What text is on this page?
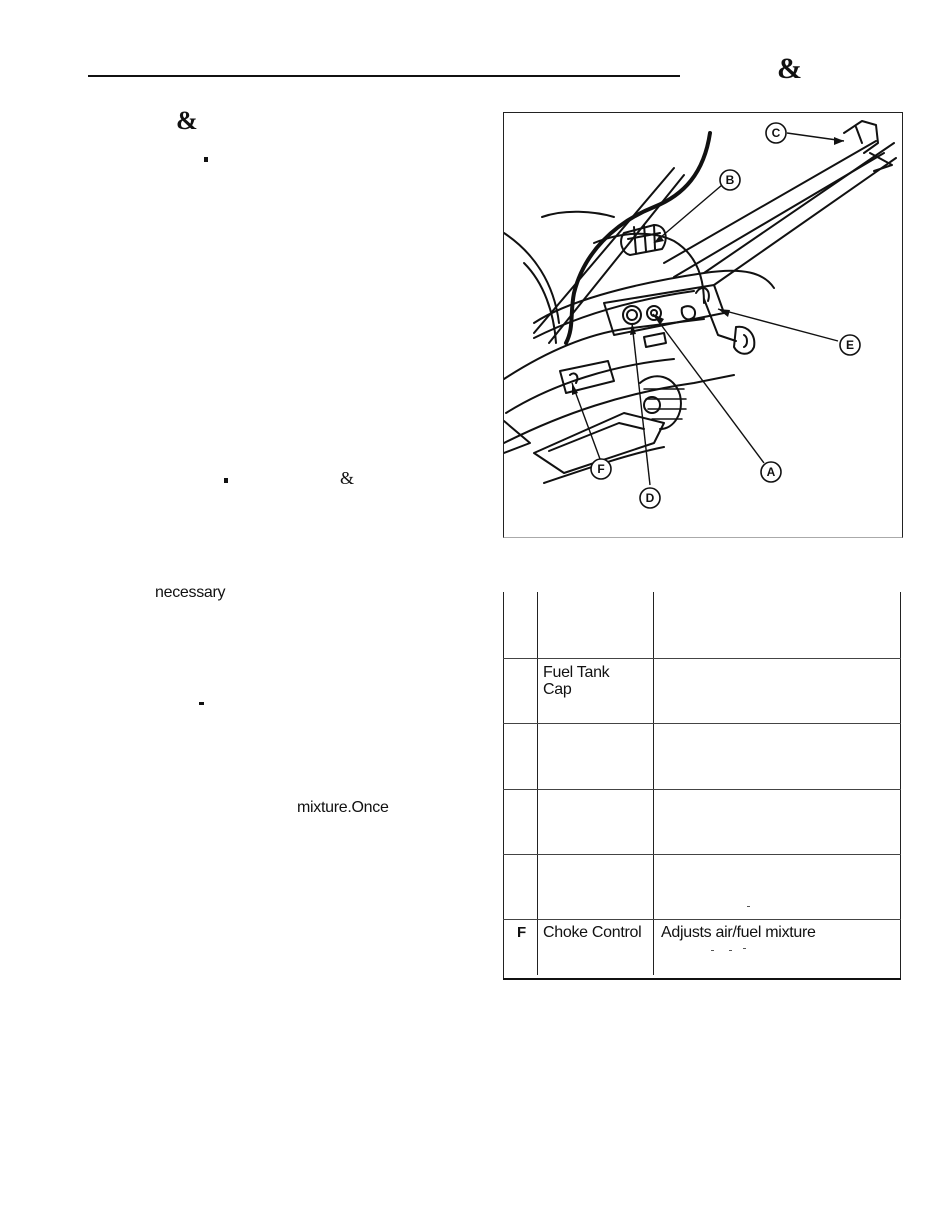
&
&
&
necessary
mixture.Once
A
B
C
D
E
F
Fuel Tank Cap
F Choke Control	Adjusts air/fuel mixture
